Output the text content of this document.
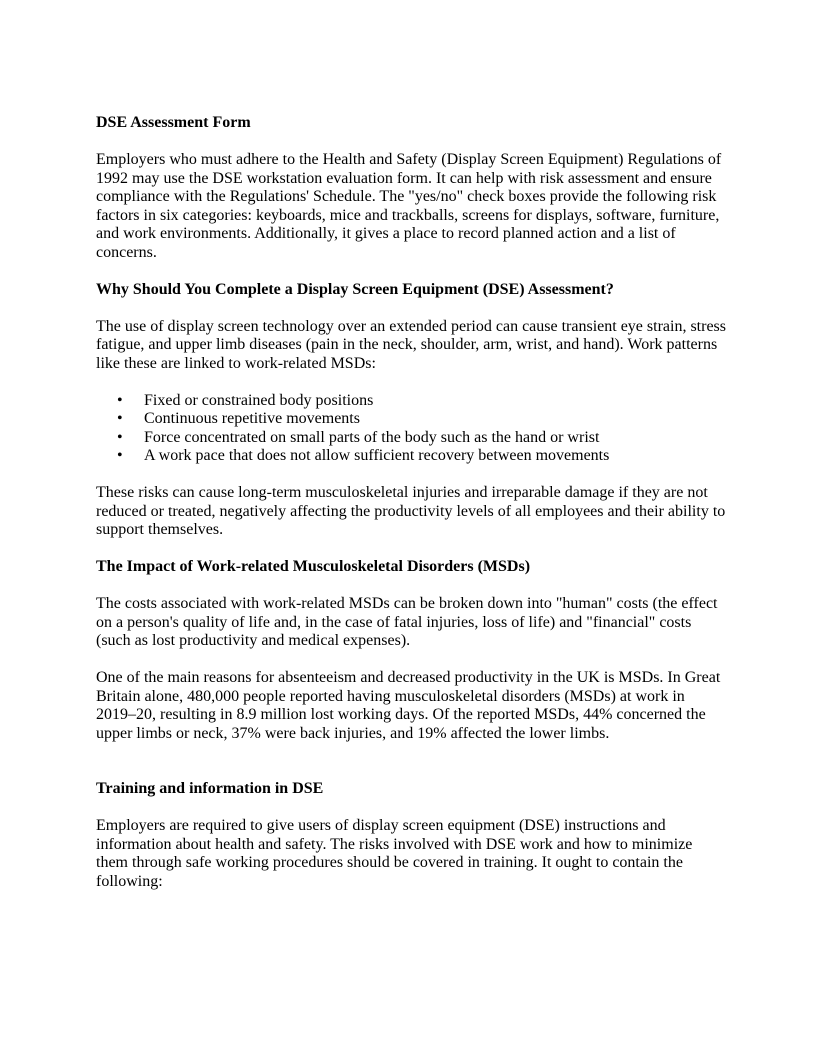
DSE Assessment Form

Employers who must adhere to the Health and Safety (Display Screen Equipment) Regulations of 1992 may use the DSE workstation evaluation form. It can help with risk assessment and ensure compliance with the Regulations' Schedule. The "yes/no" check boxes provide the following risk factors in six categories: keyboards, mice and trackballs, screens for displays, software, furniture, and work environments. Additionally, it gives a place to record planned action and a list of concerns.

Why Should You Complete a Display Screen Equipment (DSE) Assessment?

The use of display screen technology over an extended period can cause transient eye strain, stress fatigue, and upper limb diseases (pain in the neck, shoulder, arm, wrist, and hand). Work patterns like these are linked to work-related MSDs:

• Fixed or constrained body positions
• Continuous repetitive movements
• Force concentrated on small parts of the body such as the hand or wrist
• A work pace that does not allow sufficient recovery between movements

These risks can cause long-term musculoskeletal injuries and irreparable damage if they are not reduced or treated, negatively affecting the productivity levels of all employees and their ability to support themselves.

The Impact of Work-related Musculoskeletal Disorders (MSDs)

The costs associated with work-related MSDs can be broken down into "human" costs (the effect on a person's quality of life and, in the case of fatal injuries, loss of life) and "financial" costs (such as lost productivity and medical expenses).

One of the main reasons for absenteeism and decreased productivity in the UK is MSDs. In Great Britain alone, 480,000 people reported having musculoskeletal disorders (MSDs) at work in 2019–20, resulting in 8.9 million lost working days. Of the reported MSDs, 44% concerned the upper limbs or neck, 37% were back injuries, and 19% affected the lower limbs.

Training and information in DSE

Employers are required to give users of display screen equipment (DSE) instructions and information about health and safety. The risks involved with DSE work and how to minimize them through safe working procedures should be covered in training. It ought to contain the following:
